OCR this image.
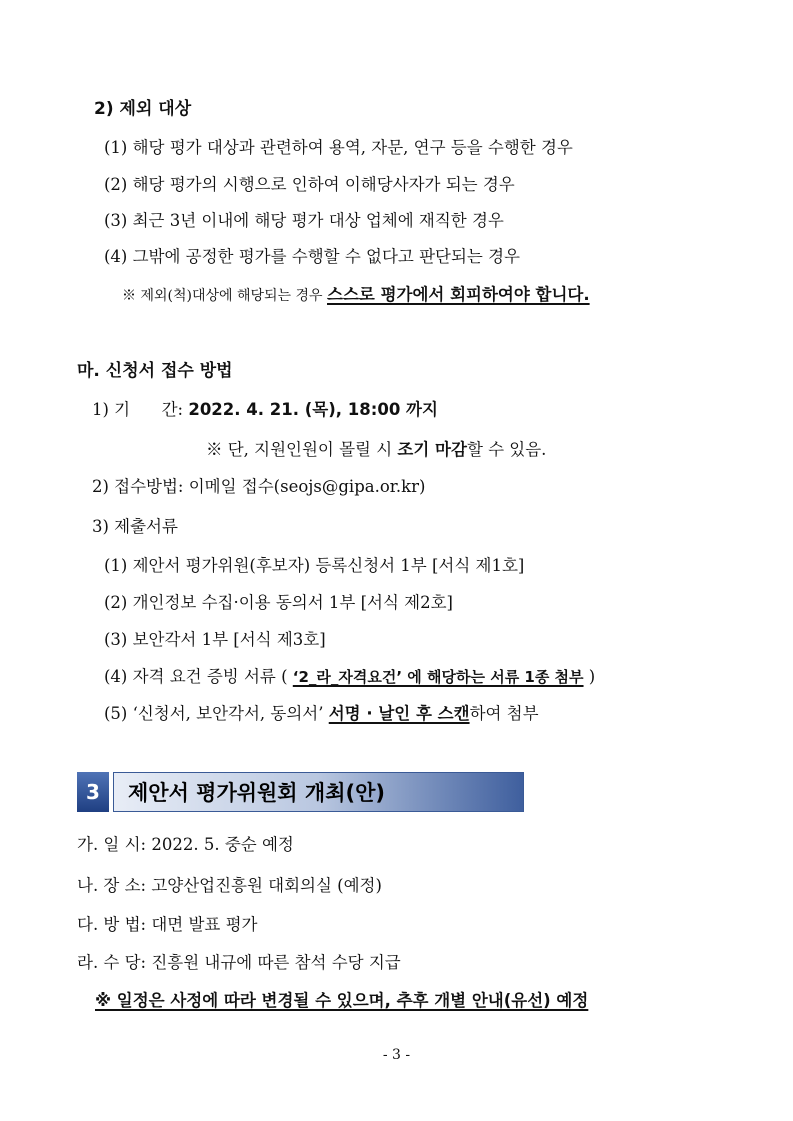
2) 제외 대상
(1) 해당 평가 대상과 관련하여 용역, 자문, 연구 등을 수행한 경우
(2) 해당 평가의 시행으로 인하여 이해당사자가 되는 경우
(3) 최근 3년 이내에 해당 평가 대상 업체에 재직한 경우
(4) 그밖에 공정한 평가를 수행할 수 없다고 판단되는 경우
※ 제외(척)대상에 해당되는 경우 스스로 평가에서 회피하여야 합니다.
마. 신청서 접수 방법
1) 기      간: 2022. 4. 21. (목), 18:00 까지
※ 단, 지원인원이 몰릴 시 조기 마감할 수 있음.
2) 접수방법: 이메일 접수(seojs@gipa.or.kr)
3) 제출서류
(1) 제안서 평가위원(후보자) 등록신청서 1부 [서식 제1호]
(2) 개인정보 수집·이용 동의서 1부 [서식 제2호]
(3) 보안각서 1부 [서식 제3호]
(4) 자격 요건 증빙 서류 ( ‘2_라_자격요건’ 에 해당하는 서류 1종 첨부 )
(5) ‘신청서, 보안각서, 동의서’ 서명 · 날인 후 스캔하여 첨부
3	제안서 평가위원회 개최(안)
가. 일 시: 2022. 5. 중순 예정
나. 장 소: 고양산업진흥원 대회의실 (예정)
다. 방 법: 대면 발표 평가
라. 수 당: 진흥원 내규에 따른 참석 수당 지급
※ 일정은 사정에 따라 변경될 수 있으며, 추후 개별 안내(유선) 예정
- 3 -
